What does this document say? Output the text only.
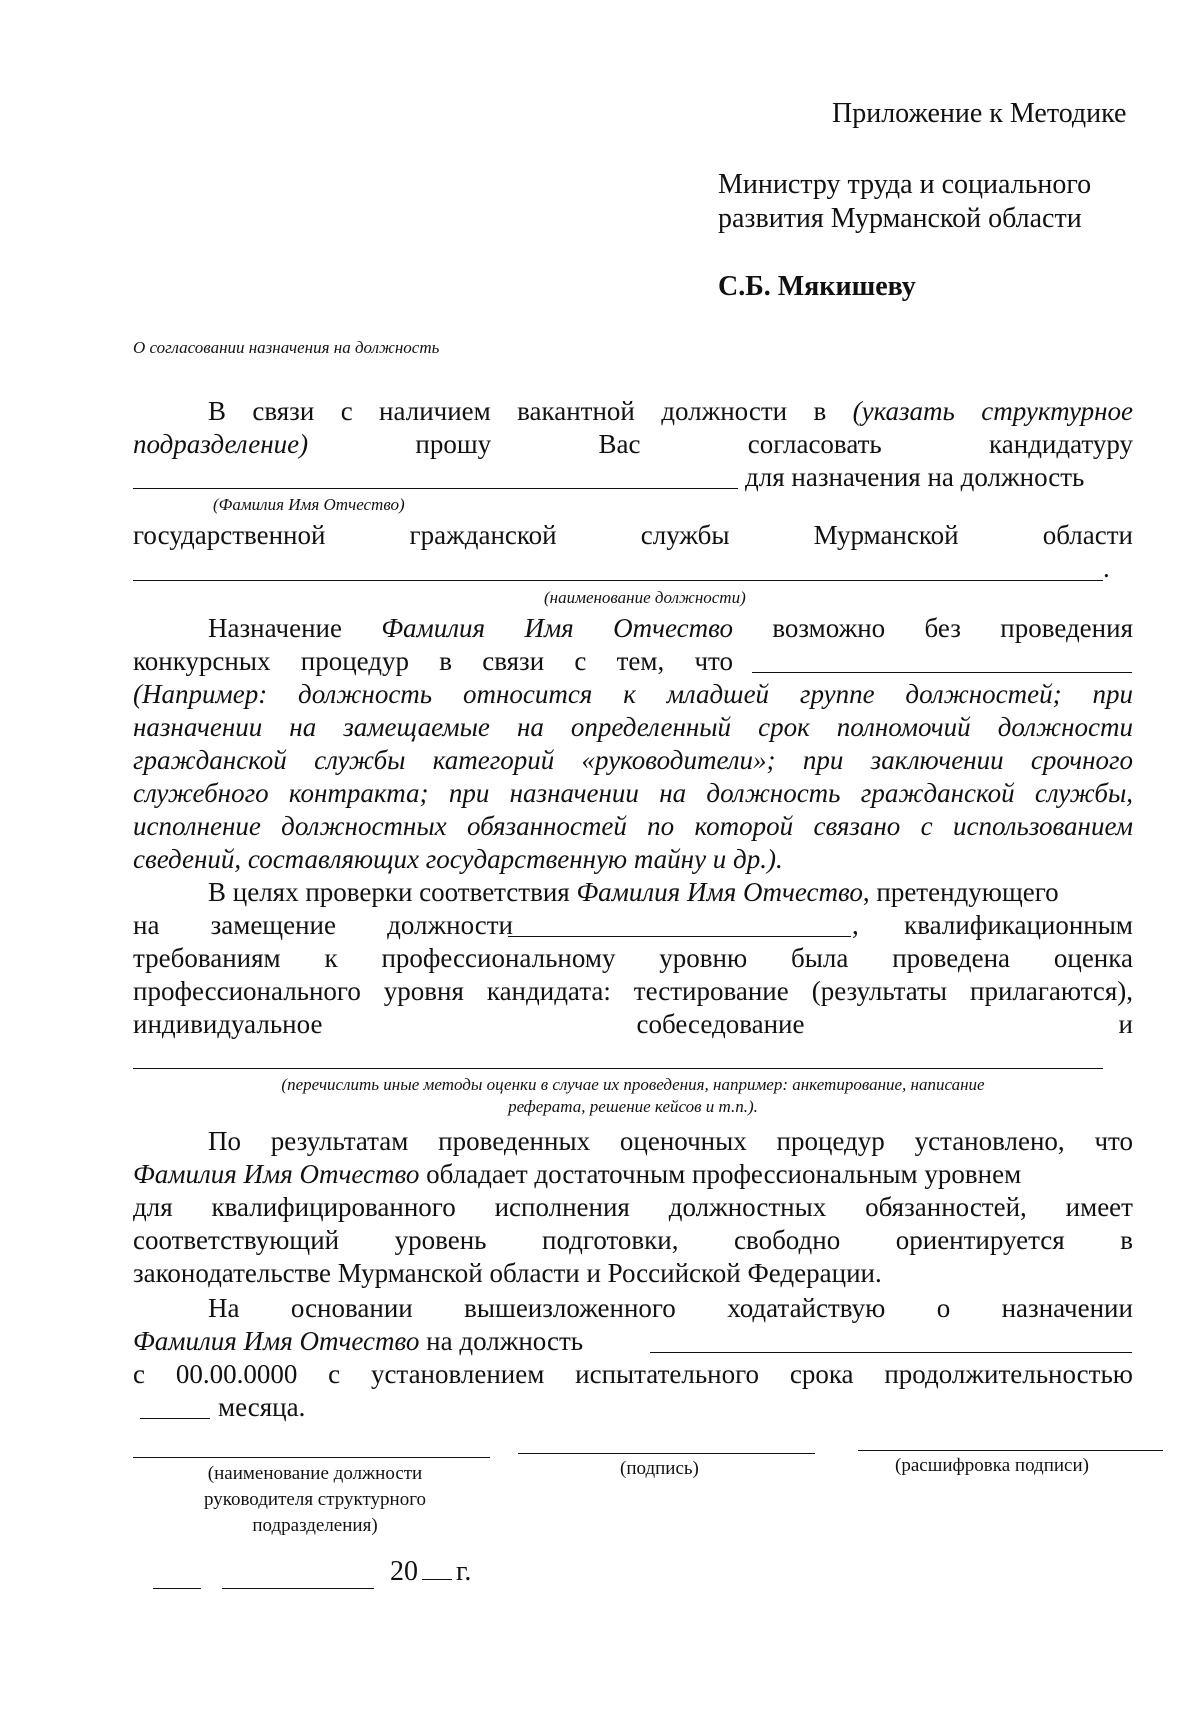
Приложение к Методике
Министру труда и социального
развития Мурманской области
С.Б. Мякишеву
О согласовании назначения на должность
В связи с наличием вакантной должности в (указать структурное
подразделение)	прошу	Вас	согласовать	кандидатуру
для назначения на должность
(Фамилия Имя Отчество)
государственной	гражданской	службы	Мурманской	области
.
(наименование должности)
Назначение Фамилия Имя Отчество возможно без проведения
конкурсных процедур в связи с тем, что
(Например: должность относится к младшей группе должностей; при
назначении на замещаемые на определенный срок полномочий должности
гражданской службы категорий «руководители»; при заключении срочного
служебного контракта; при назначении на должность гражданской службы,
исполнение должностных обязанностей по которой связано с использованием
сведений, составляющих государственную тайну и др.).
В целях проверки соответствия Фамилия Имя Отчество, претендующего
на замещение должности	, квалификационным
требованиям к профессиональному уровню была проведена оценка
профессионального уровня кандидата: тестирование (результаты прилагаются),
индивидуальное	собеседование	и
(перечислить иные методы оценки в случае их проведения, например: анкетирование, написание
реферата, решение кейсов и т.п.).
По результатам проведенных оценочных процедур установлено, что
Фамилия Имя Отчество обладает достаточным профессиональным уровнем
для квалифицированного исполнения должностных обязанностей, имеет
соответствующий уровень подготовки, свободно ориентируется в
законодательстве Мурманской области и Российской Федерации.
На основании вышеизложенного ходатайствую о назначении
Фамилия Имя Отчество на должность
с 00.00.0000 с установлением испытательного срока продолжительностью
месяца.
(наименование должности
руководителя структурного
подразделения)
(подпись)	(расшифровка подписи)
20 г.
